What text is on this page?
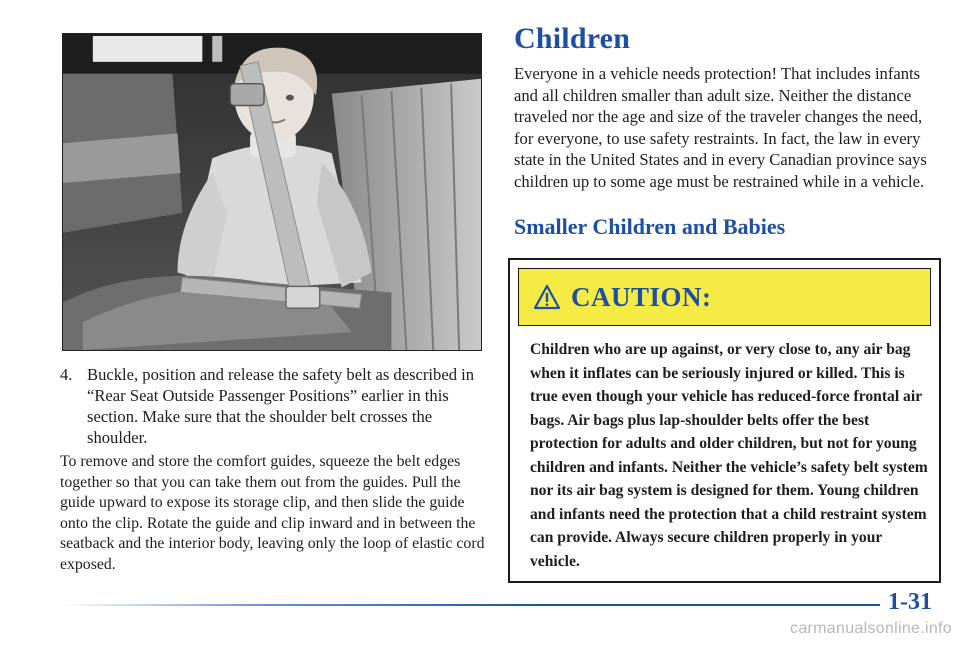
4. Buckle, position and release the safety belt as described in “Rear Seat Outside Passenger Positions” earlier in this section. Make sure that the shoulder belt crosses the shoulder.

To remove and store the comfort guides, squeeze the belt edges together so that you can take them out from the guides. Pull the guide upward to expose its storage clip, and then slide the guide onto the clip. Rotate the guide and clip inward and in between the seatback and the interior body, leaving only the loop of elastic cord exposed.

Children

Everyone in a vehicle needs protection! That includes infants and all children smaller than adult size. Neither the distance traveled nor the age and size of the traveler changes the need, for everyone, to use safety restraints. In fact, the law in every state in the United States and in every Canadian province says children up to some age must be restrained while in a vehicle.

Smaller Children and Babies
CAUTION:

Children who are up against, or very close to, any air bag when it inflates can be seriously injured or killed. This is true even though your vehicle has reduced-force frontal air bags. Air bags plus lap-shoulder belts offer the best protection for adults and older children, but not for young children and infants. Neither the vehicle’s safety belt system nor its air bag system is designed for them. Young children and infants need the protection that a child restraint system can provide. Always secure children properly in your vehicle.

1-31
carmanualsonline.info
